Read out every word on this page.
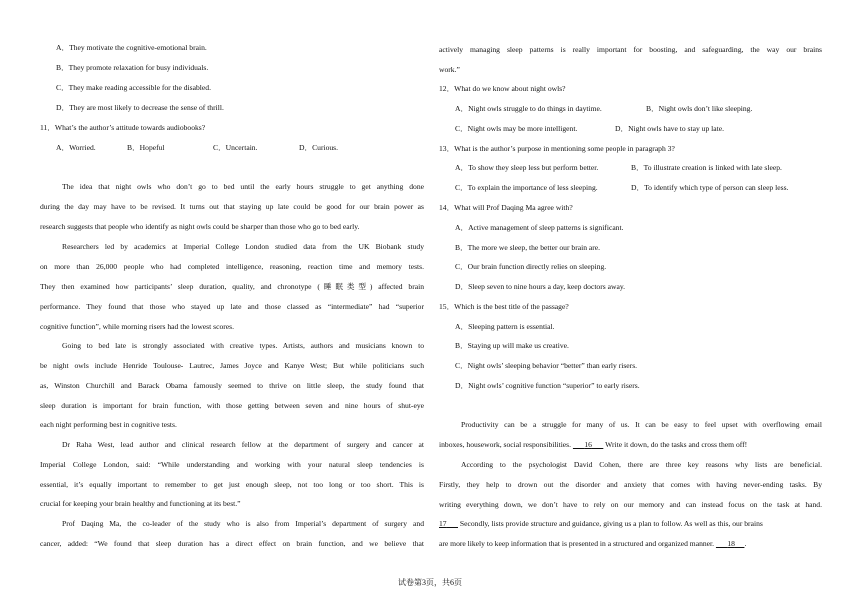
A．They motivate the cognitive-emotional brain.
B．They promote relaxation for busy individuals.
C．They make reading accessible for the disabled.
D．They are most likely to decrease the sense of thrill.
11．What’s the author’s attitude towards audiobooks?
A．Worried.	B．Hopeful	C．Uncertain.	D．Curious.
The idea that night owls who don’t go to bed until the early hours struggle to get anything done
during the day may have to be revised. It turns out that staying up late could be good for our brain power as
research suggests that people who identify as night owls could be sharper than those who go to bed early.
Researchers led by academics at Imperial College London studied data from the UK Biobank study
on more than 26,000 people who had completed intelligence, reasoning, reaction time and memory tests.
They then examined how participants’ sleep duration, quality, and chronotype (睡眠类型) affected brain
performance. They found that those who stayed up late and those classed as “intermediate” had “superior
cognitive function”, while morning risers had the lowest scores.
Going to bed late is strongly associated with creative types. Artists, authors and musicians known to
be night owls include Henride Toulouse- Lautrec, James Joyce and Kanye West; But while politicians such
as, Winston Churchill and Barack Obama famously seemed to thrive on little sleep, the study found that
sleep duration is important for brain function, with those getting between seven and nine hours of shut-eye
each night performing best in cognitive tests.
Dr Raha West, lead author and clinical research fellow at the department of surgery and cancer at
Imperial College London, said: “While understanding and working with your natural sleep tendencies is
essential, it’s equally important to remember to get just enough sleep, not too long or too short. This is
crucial for keeping your brain healthy and functioning at its best.”
Prof Daqing Ma, the co-leader of the study who is also from Imperial’s department of surgery and
cancer, added: “We found that sleep duration has a direct effect on brain function, and we believe that
actively managing sleep patterns is really important for boosting, and safeguarding, the way our brains
work.”
12．What do we know about night owls?
A．Night owls struggle to do things in daytime.	B．Night owls don’t like sleeping.
C．Night owls may be more intelligent.	D．Night owls have to stay up late.
13．What is the author’s purpose in mentioning some people in paragraph 3?
A．To show they sleep less but perform better.	B．To illustrate creation is linked with late sleep.
C．To explain the importance of less sleeping.	D．To identify which type of person can sleep less.
14．What will Prof Daqing Ma agree with?
A．Active management of sleep patterns is significant.
B．The more we sleep, the better our brain are.
C．Our brain function directly relies on sleeping.
D．Sleep seven to nine hours a day, keep doctors away.
15．Which is the best title of the passage?
A．Sleeping pattern is essential.
B．Staying up will make us creative.
C．Night owls’ sleeping behavior “better” than early risers.
D．Night owls’ cognitive function “superior” to early risers.
Productivity can be a struggle for many of us. It can be easy to feel upset with overflowing email
inboxes, housework, social responsibilities. 16 Write it down, do the tasks and cross them off!
According to the psychologist David Cohen, there are three key reasons why lists are beneficial.
Firstly, they help to drown out the disorder and anxiety that comes with having never-ending tasks. By
writing everything down, we don’t have to rely on our memory and can instead focus on the task at hand.
17 Secondly, lists provide structure and guidance, giving us a plan to follow. As well as this, our brains
are more likely to keep information that is presented in a structured and organized manner. 18 .
试卷第3页，共6页
